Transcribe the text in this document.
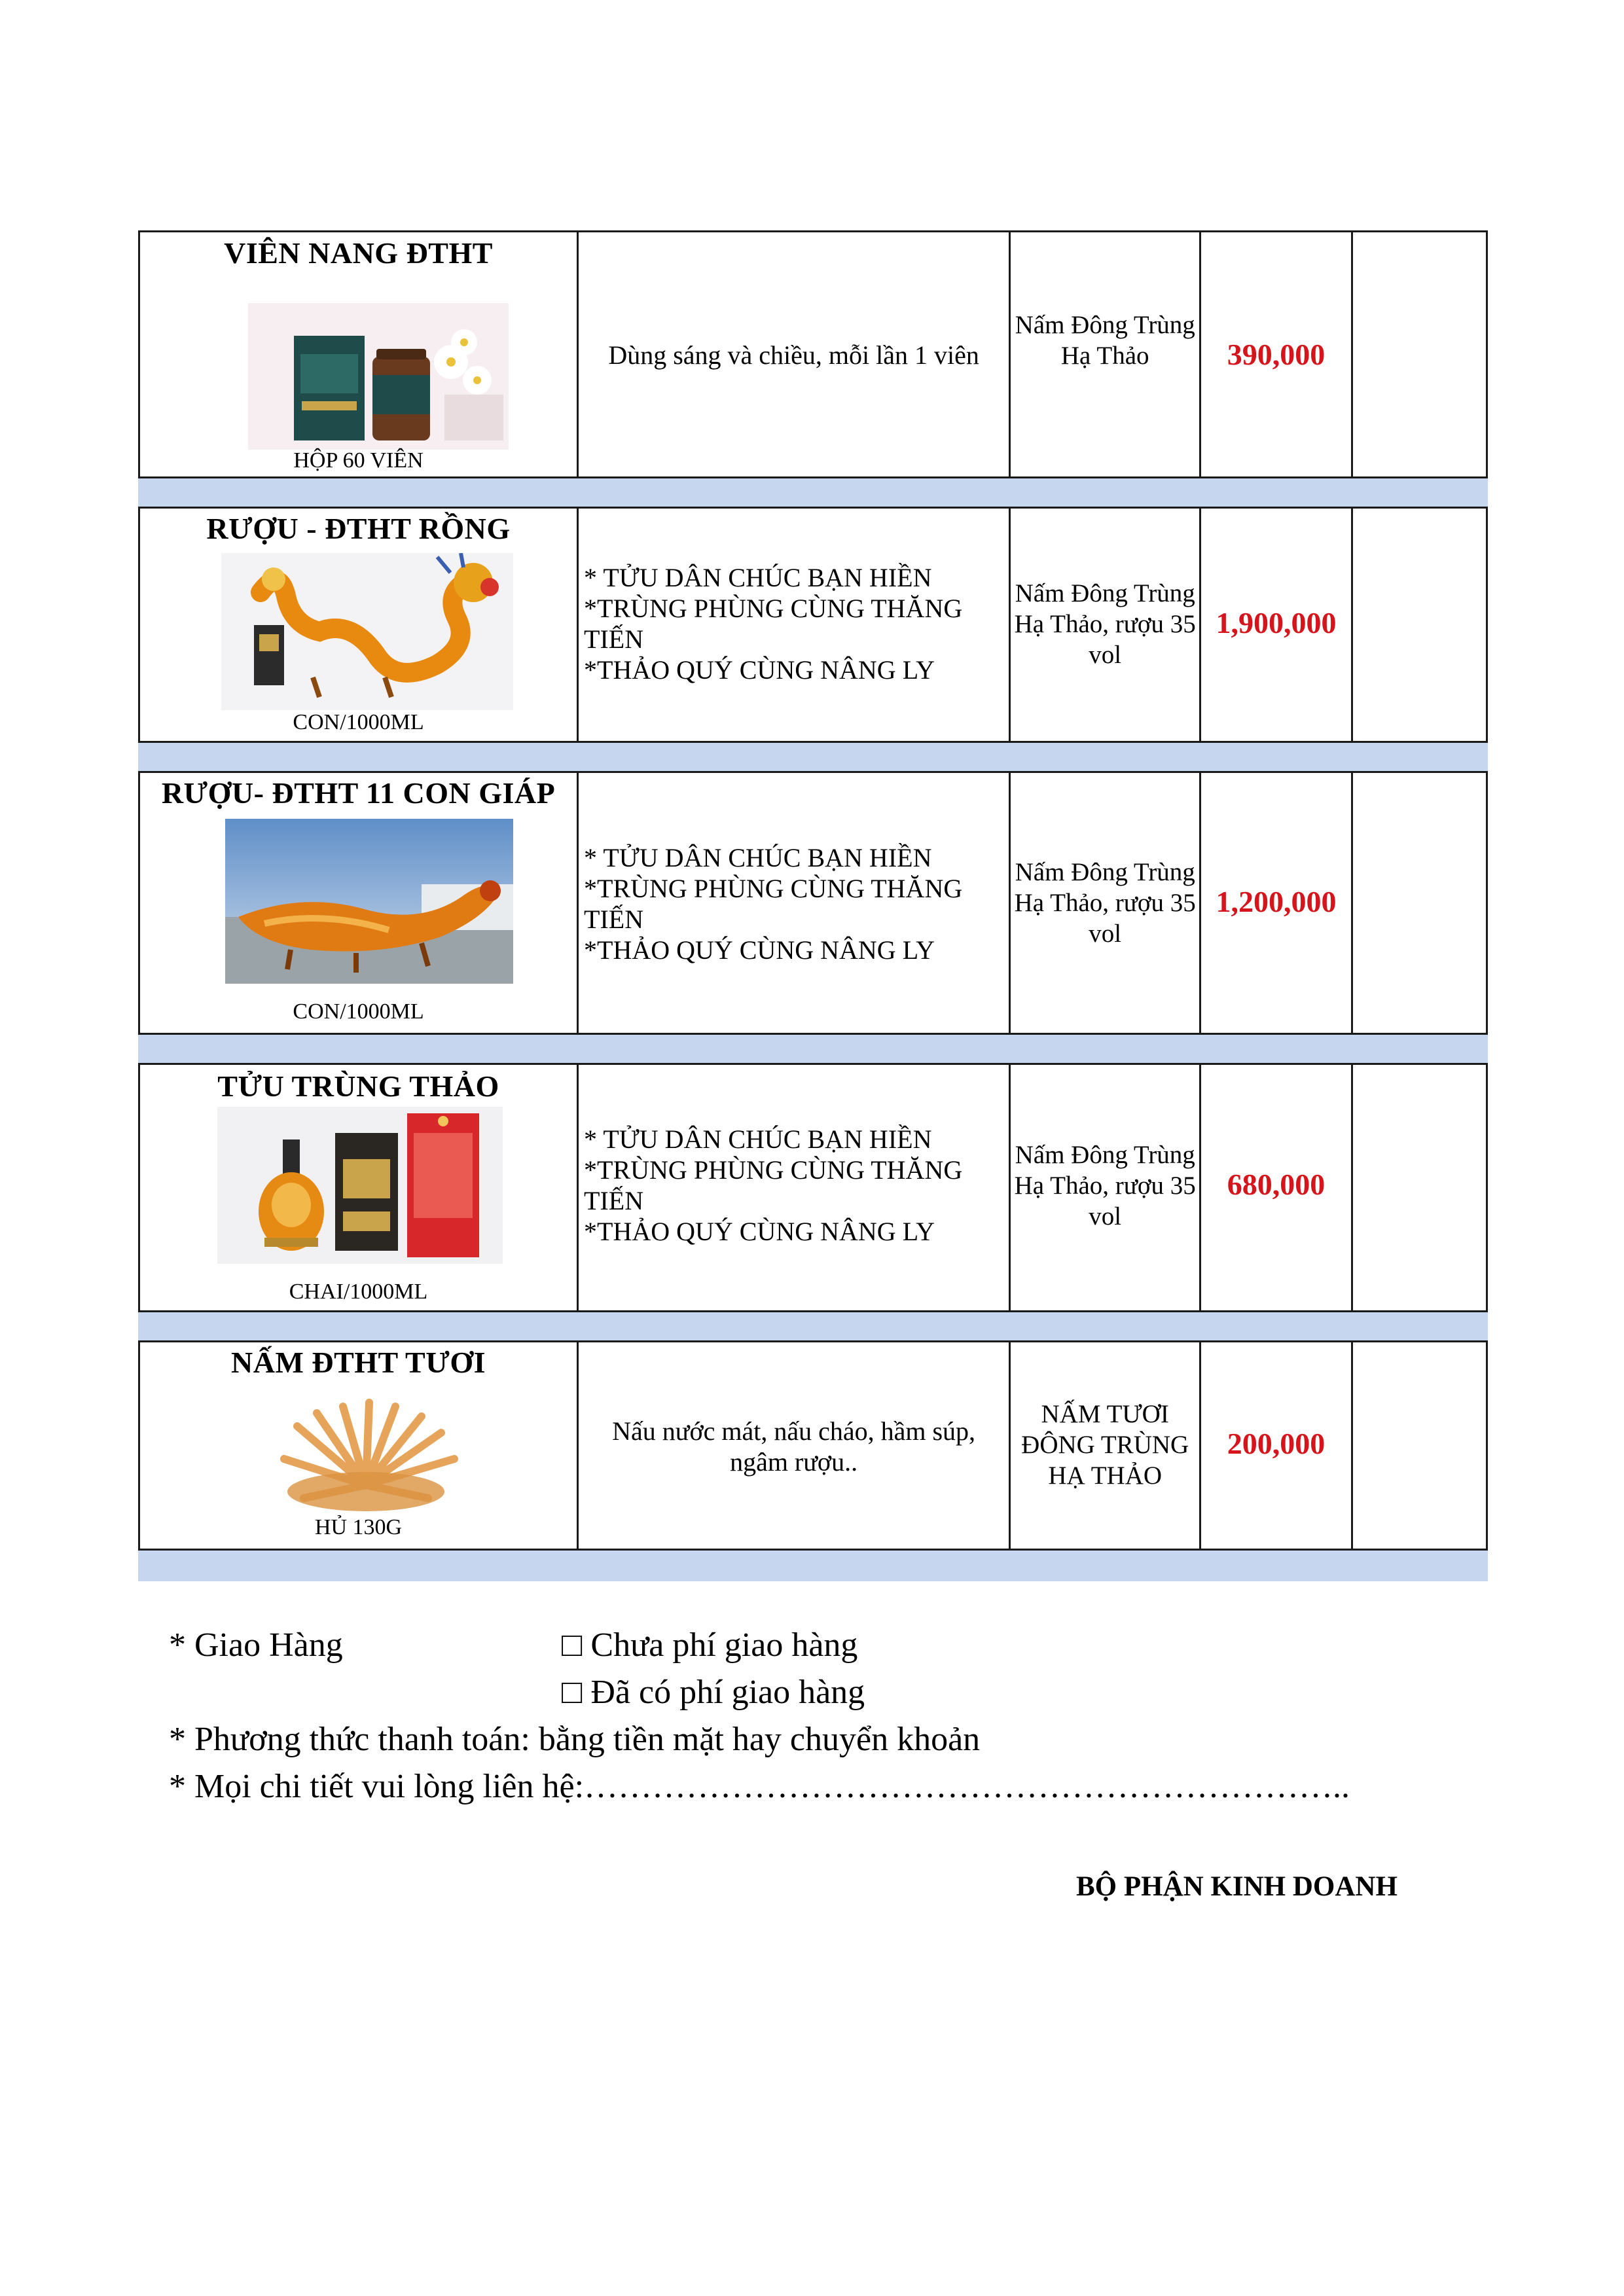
VIÊN NANG ĐTHT
HỘP 60 VIÊN
Dùng sáng và chiều, mỗi lần 1 viên
Nấm Đông Trùng Hạ Thảo	390,000
RƯỢU - ĐTHT RỒNG
CON/1000ML
* TỬU DÂN CHÚC BẠN HIỀN
*TRÙNG PHÙNG CÙNG THĂNG TIẾN
*THẢO QUÝ CÙNG NÂNG LY
Nấm Đông Trùng Hạ Thảo, rượu 35 vol
1,900,000
RƯỢU- ĐTHT 11 CON GIÁP
CON/1000ML
* TỬU DÂN CHÚC BẠN HIỀN
*TRÙNG PHÙNG CÙNG THĂNG TIẾN
*THẢO QUÝ CÙNG NÂNG LY
Nấm Đông Trùng Hạ Thảo, rượu 35 vol
1,200,000
TỬU TRÙNG THẢO
CHAI/1000ML
* TỬU DÂN CHÚC BẠN HIỀN
*TRÙNG PHÙNG CÙNG THĂNG TIẾN
*THẢO QUÝ CÙNG NÂNG LY
Nấm Đông Trùng Hạ Thảo, rượu 35 vol
680,000
NẤM ĐTHT TƯƠI
HỦ 130G
Nấu nước mát, nấu cháo, hầm súp, ngâm rượu..
NẤM TƯƠI ĐÔNG TRÙNG HẠ THẢO
200,000
* Giao Hàng	□ Chưa phí giao hàng
□ Đã có phí giao hàng
* Phương thức thanh toán: bằng tiền mặt hay chuyển khoản
* Mọi chi tiết vui lòng liên hệ:…………………………………………………………..
BỘ PHẬN KINH DOANH
